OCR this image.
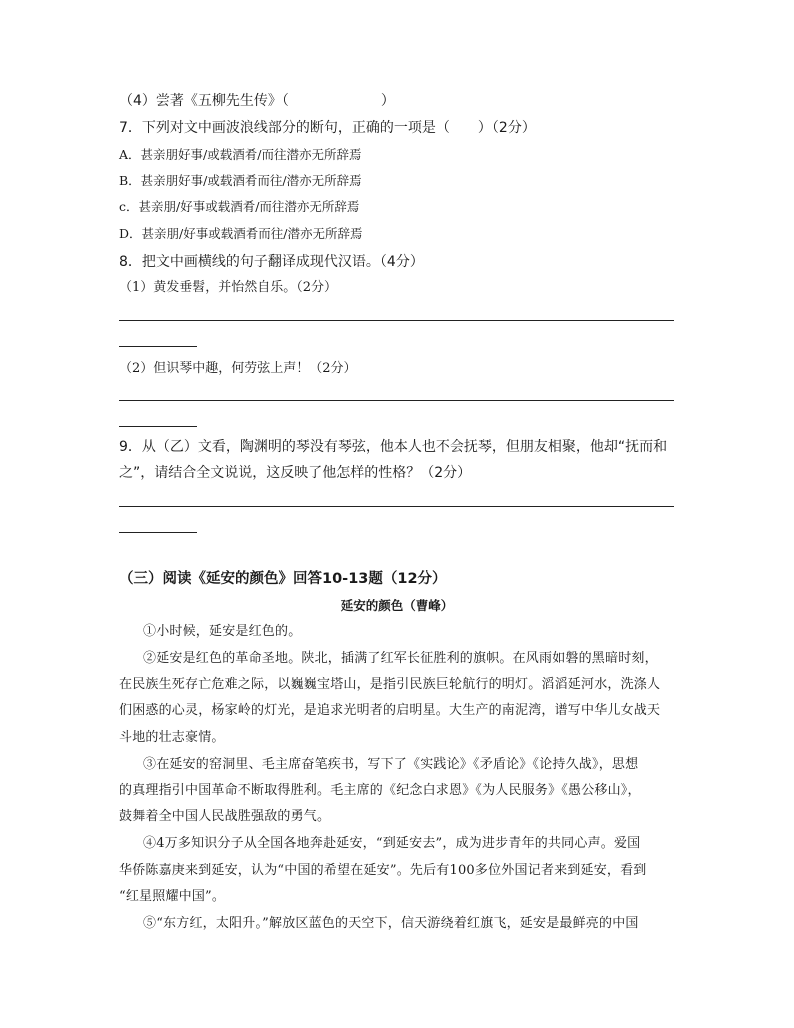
（4）尝著《五柳先生传》（	）
7．下列对文中画波浪线部分的断句，正确的一项是（　　）（2分）
A．甚亲朋好事/或载酒肴/而往潜亦无所辞焉
B．甚亲朋好事/或载酒肴而往/潜亦无所辞焉
c．甚亲朋/好事或载酒肴/而往潜亦无所辞焉
D．甚亲朋/好事或载酒肴而往/潜亦无所辞焉
8．把文中画横线的句子翻译成现代汉语。（4分）
（1）黄发垂髫，并怡然自乐。（2分）
（2）但识琴中趣，何劳弦上声！（2分）
9．从（乙）文看，陶渊明的琴没有琴弦，他本人也不会抚琴，但朋友相聚，他却“抚而和
之”，请结合全文说说，这反映了他怎样的性格？（2分）
（三）阅读《延安的颜色》回答10-13题（12分）
延安的颜色（曹峰）
①小时候，延安是红色的。
②延安是红色的革命圣地。陕北，插满了红军长征胜利的旗帜。在风雨如磐的黑暗时刻，
在民族生死存亡危难之际，以巍巍宝塔山，是指引民族巨轮航行的明灯。滔滔延河水，洗涤人
们困惑的心灵，杨家岭的灯光，是追求光明者的启明星。大生产的南泥湾，谱写中华儿女战天
斗地的壮志豪情。
③在延安的窑洞里、毛主席奋笔疾书，写下了《实践论》《矛盾论》《论持久战》，思想
的真理指引中国革命不断取得胜利。毛主席的《纪念白求恩》《为人民服务》《愚公移山》，
鼓舞着全中国人民战胜强敌的勇气。
④4万多知识分子从全国各地奔赴延安，“到延安去”，成为进步青年的共同心声。爱国
华侨陈嘉庚来到延安，认为“中国的希望在延安”。先后有100多位外国记者来到延安，看到
“红星照耀中国”。
⑤“东方红，太阳升。”解放区蓝色的天空下，信天游绕着红旗飞，延安是最鲜亮的中国
